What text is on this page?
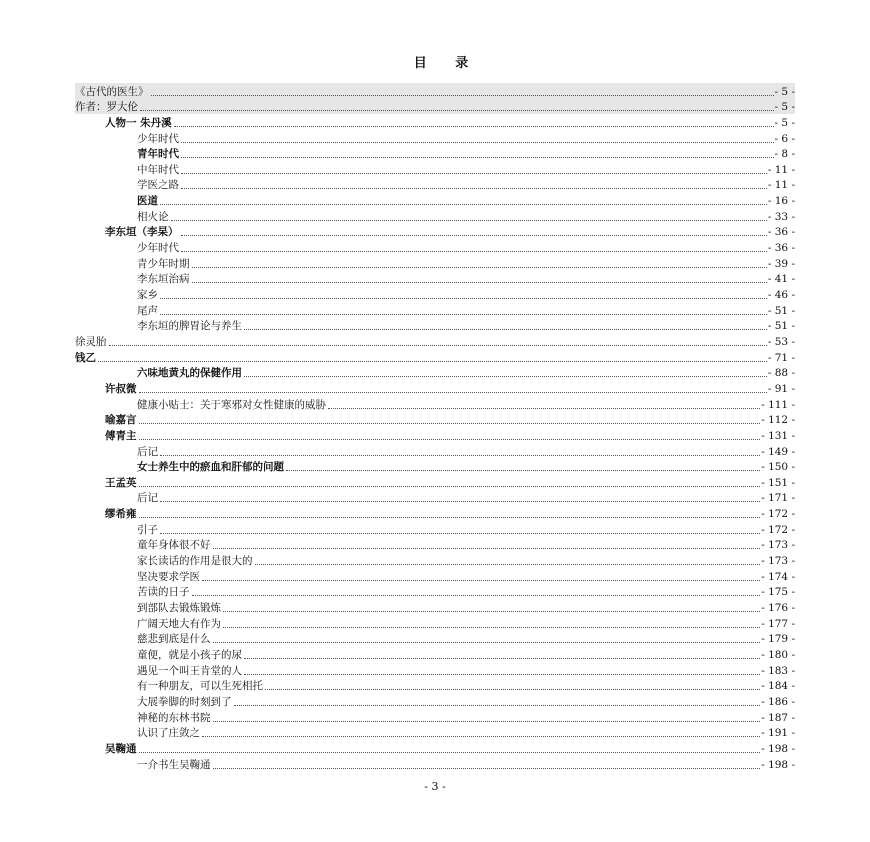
目 录
《古代的医生》	- 5 -
作者：罗大伦	- 5 -
人物一 朱丹溪	- 5 -
少年时代	- 6 -
青年时代	- 8 -
中年时代	- 11 -
学医之路	- 11 -
医道	- 16 -
相火论	- 33 -
李东垣（李杲）	- 36 -
少年时代	- 36 -
青少年时期	- 39 -
李东垣治病	- 41 -
家乡	- 46 -
尾声	- 51 -
李东垣的脾胃论与养生	- 51 -
徐灵胎	- 53 -
钱乙	- 71 -
六味地黄丸的保健作用	- 88 -
许叔微	- 91 -
健康小贴士：关于寒邪对女性健康的威胁	- 111 -
喻嘉言	- 112 -
傅青主	- 131 -
后记	- 149 -
女士养生中的瘀血和肝郁的问题	- 150 -
王孟英	- 151 -
后记	- 171 -
缪希雍	- 172 -
引子	- 172 -
童年身体很不好	- 173 -
家长读话的作用是很大的	- 173 -
坚决要求学医	- 174 -
苦读的日子	- 175 -
到部队去锻炼锻炼	- 176 -
广阔天地大有作为	- 177 -
慈悲到底是什么	- 179 -
童便，就是小孩子的尿	- 180 -
遇见一个叫王肯堂的人	- 183 -
有一种朋友，可以生死相托	- 184 -
大展拳脚的时刻到了	- 186 -
神秘的东林书院	- 187 -
认识了庄敛之	- 191 -
吴鞠通	- 198 -
一介书生吴鞠通	- 198 -
- 3 -
